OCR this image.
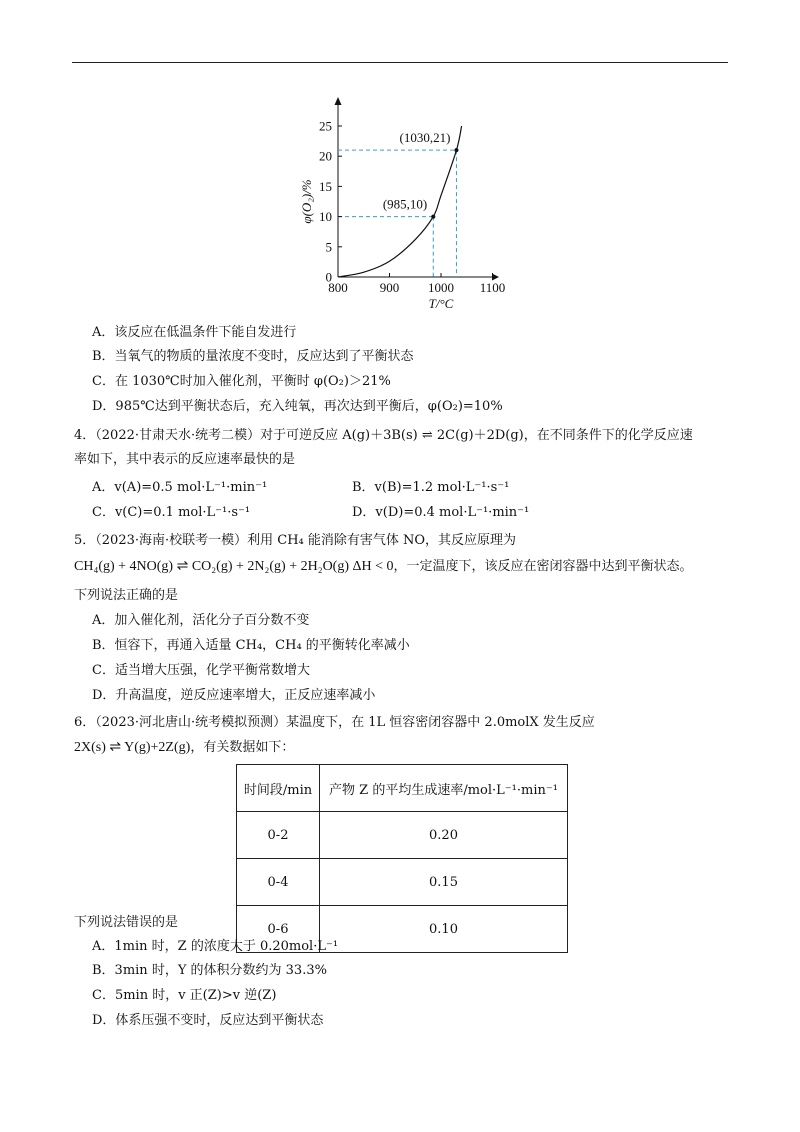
0
5
10
15
20
25
800 900 1000 1100
(985,10)
(1030,21)
T/°C
φ(O₂)/%
A．该反应在低温条件下能自发进行
B．当氧气的物质的量浓度不变时，反应达到了平衡状态
C．在 1030℃时加入催化剂，平衡时 φ(O₂)＞21%
D．985℃达到平衡状态后，充入纯氧，再次达到平衡后，φ(O₂)=10%
4．（2022·甘肃天水·统考二模）对于可逆反应 A(g)＋3B(s) ⇌ 2C(g)＋2D(g)，在不同条件下的化学反应速
率如下，其中表示的反应速率最快的是
A．v(A)=0.5 mol·L⁻¹·min⁻¹	B．v(B)=1.2 mol·L⁻¹·s⁻¹
C．v(C)=0.1 mol·L⁻¹·s⁻¹	D．v(D)=0.4 mol·L⁻¹·min⁻¹
5．（2023·海南·校联考一模）利用 CH₄ 能消除有害气体 NO，其反应原理为
CH₄(g) + 4NO(g) ⇌ CO₂(g) + 2N₂(g) + 2H₂O(g) ΔH < 0，一定温度下，该反应在密闭容器中达到平衡状态。
下列说法正确的是
A．加入催化剂，活化分子百分数不变
B．恒容下，再通入适量 CH₄，CH₄ 的平衡转化率减小
C．适当增大压强，化学平衡常数增大
D．升高温度，逆反应速率增大，正反应速率减小
6．（2023·河北唐山·统考模拟预测）某温度下，在 1L 恒容密闭容器中 2.0molX 发生反应
2X(s) ⇌ Y(g)+2Z(g)，有关数据如下：
时间段/min	产物 Z 的平均生成速率/mol·L⁻¹·min⁻¹
0-2	0.20
0-4	0.15
0-6	0.10
下列说法错误的是
A．1min 时，Z 的浓度大于 0.20mol·L⁻¹
B．3min 时，Y 的体积分数约为 33.3%
C．5min 时，v 正(Z)>v 逆(Z)
D．体系压强不变时，反应达到平衡状态
